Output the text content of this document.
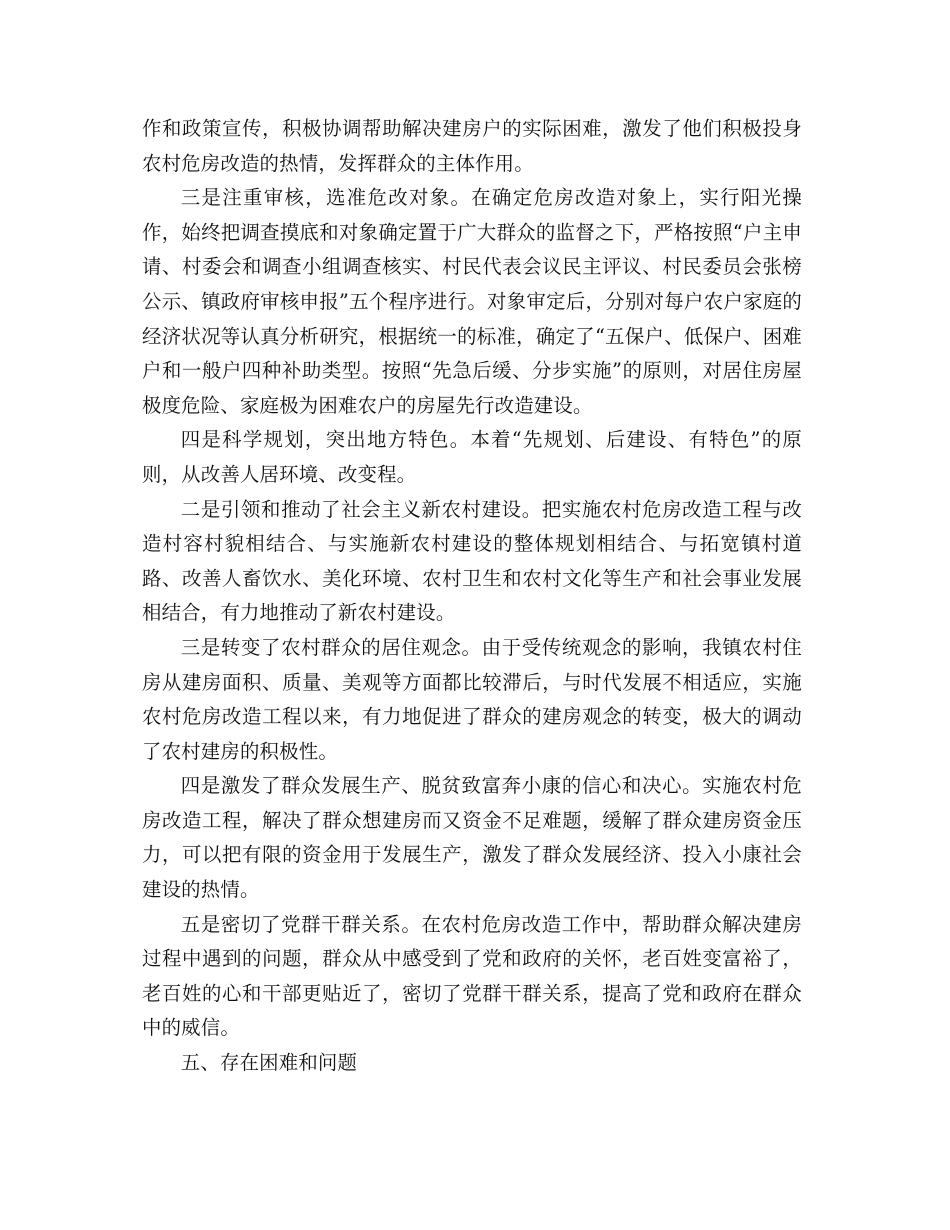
作和政策宣传，积极协调帮助解决建房户的实际困难，激发了他们积极投身农村危房改造的热情，发挥群众的主体作用。

三是注重审核，选准危改对象。在确定危房改造对象上，实行阳光操作，始终把调查摸底和对象确定置于广大群众的监督之下，严格按照“户主申请、村委会和调查小组调查核实、村民代表会议民主评议、村民委员会张榜公示、镇政府审核申报”五个程序进行。对象审定后，分别对每户农户家庭的经济状况等认真分析研究，根据统一的标准，确定了“五保户、低保户、困难户和一般户四种补助类型。按照“先急后缓、分步实施”的原则，对居住房屋极度危险、家庭极为困难农户的房屋先行改造建设。

四是科学规划，突出地方特色。本着“先规划、后建设、有特色”的原则，从改善人居环境、改变程。

二是引领和推动了社会主义新农村建设。把实施农村危房改造工程与改造村容村貌相结合、与实施新农村建设的整体规划相结合、与拓宽镇村道路、改善人畜饮水、美化环境、农村卫生和农村文化等生产和社会事业发展相结合，有力地推动了新农村建设。

三是转变了农村群众的居住观念。由于受传统观念的影响，我镇农村住房从建房面积、质量、美观等方面都比较滞后，与时代发展不相适应，实施农村危房改造工程以来，有力地促进了群众的建房观念的转变，极大的调动了农村建房的积极性。

四是激发了群众发展生产、脱贫致富奔小康的信心和决心。实施农村危房改造工程，解决了群众想建房而又资金不足难题，缓解了群众建房资金压力，可以把有限的资金用于发展生产，激发了群众发展经济、投入小康社会建设的热情。

五是密切了党群干群关系。在农村危房改造工作中，帮助群众解决建房过程中遇到的问题，群众从中感受到了党和政府的关怀，老百姓变富裕了，老百姓的心和干部更贴近了，密切了党群干群关系，提高了党和政府在群众中的威信。

五、存在困难和问题
